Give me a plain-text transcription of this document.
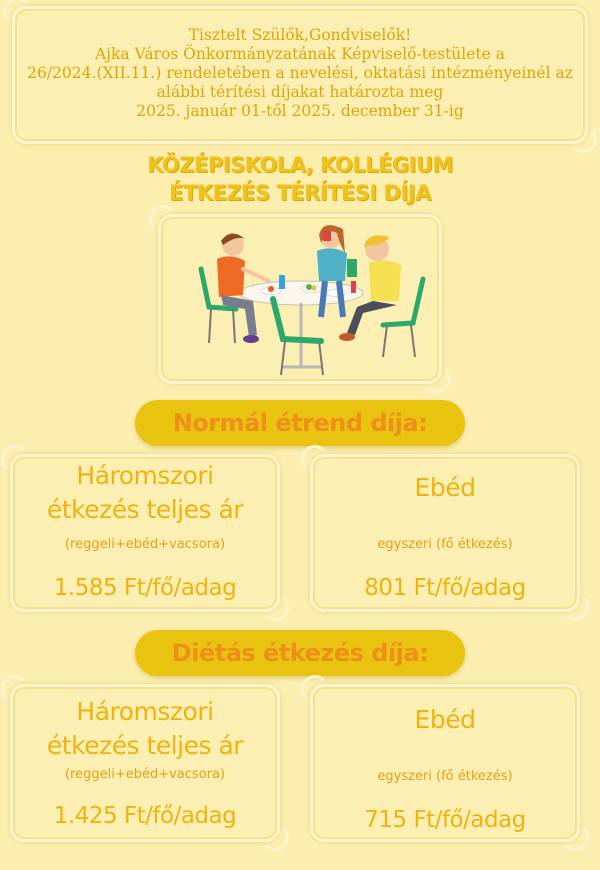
Tisztelt Szülők,Gondviselők!
Ajka Város Önkormányzatának Képviselő-testülete a
26/2024.(XII.11.) rendeletében a nevelési, oktatási intézményeinél az
alábbi térítési díjakat határozta meg
2025. január 01-től 2025. december 31-ig
KÖZÉPISKOLA, KOLLÉGIUM
ÉTKEZÉS TÉRÍTÉSI DÍJA
Normál étrend díja:
Háromszori
étkezés teljes ár
(reggeli+ebéd+vacsora)
1.585 Ft/fő/adag
Ebéd
egyszeri (fő étkezés)
801 Ft/fő/adag
Diétás étkezés díja:
Háromszori
étkezés teljes ár
(reggeli+ebéd+vacsora)
1.425 Ft/fő/adag
Ebéd
egyszeri (fő étkezés)
715 Ft/fő/adag
